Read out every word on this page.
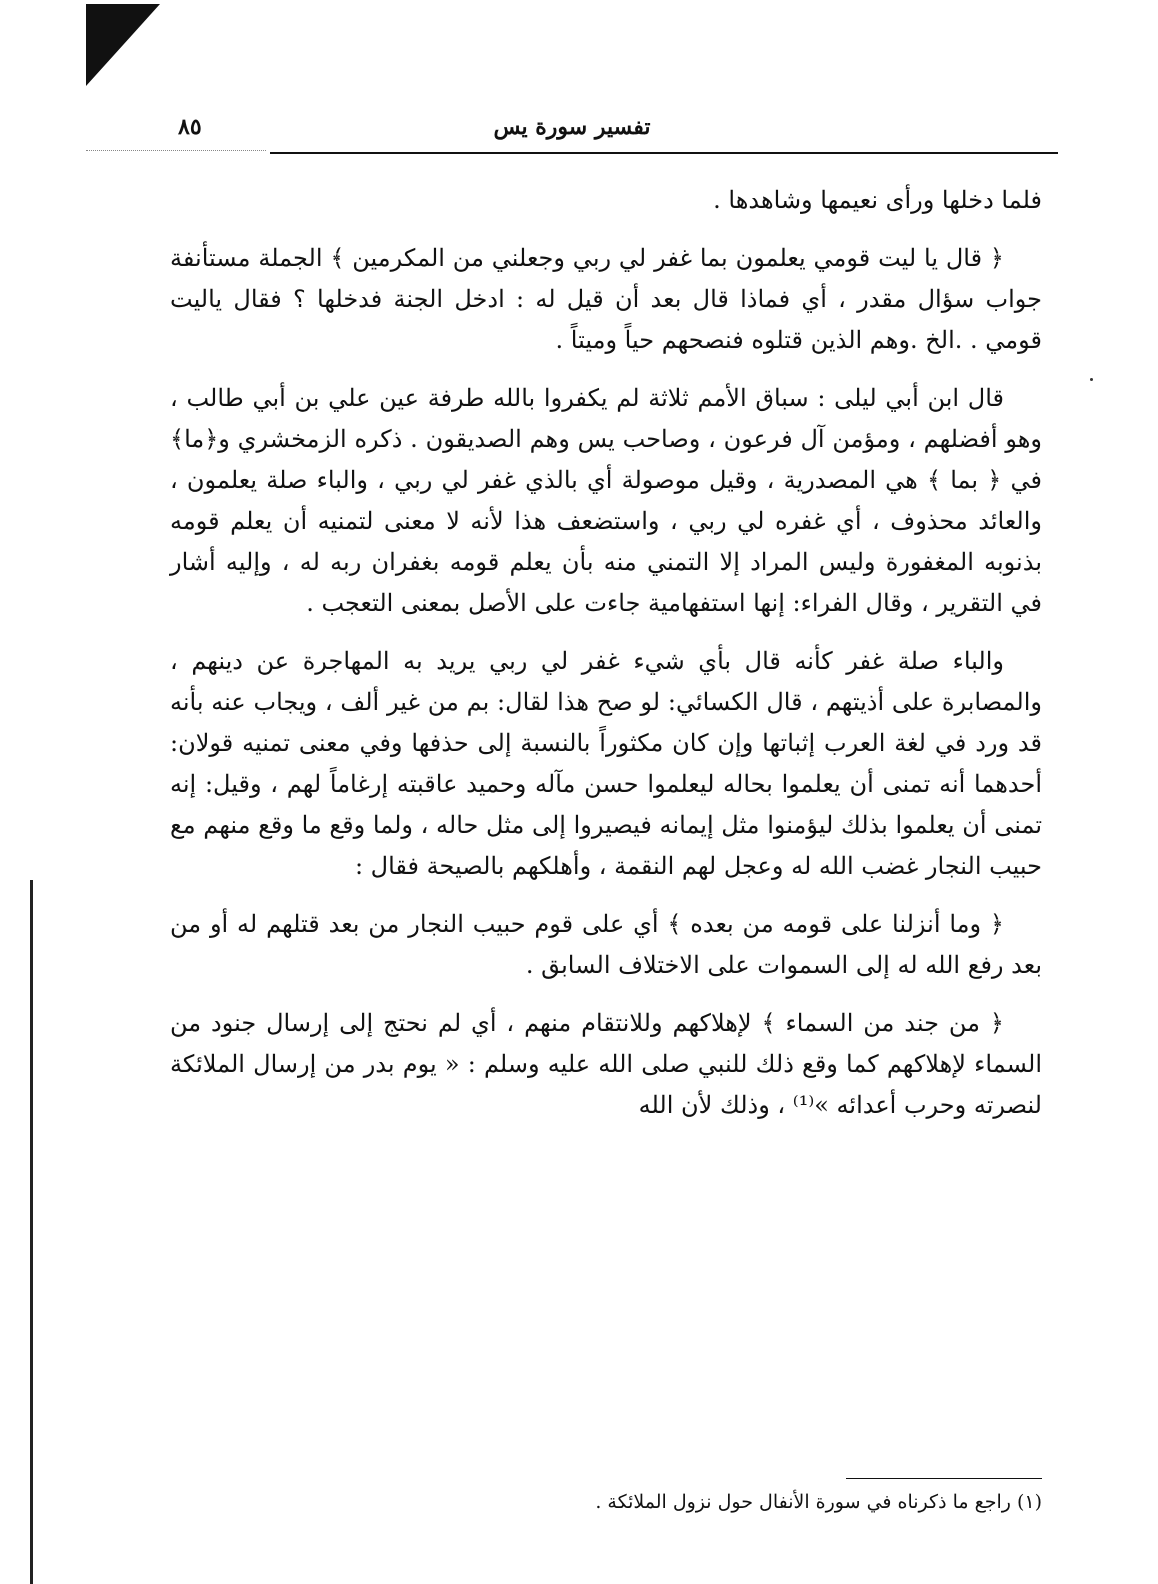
تفسير سورة يس
٨٥

فلما دخلها ورأى نعيمها وشاهدها .

﴿ قال يا ليت قومي يعلمون بما غفر لي ربي وجعلني من المكرمين ﴾ الجملة مستأنفة جواب سؤال مقدر ، أي فماذا قال بعد أن قيل له : ادخل الجنة فدخلها ؟ فقال ياليت قومي . .الخ .وهم الذين قتلوه فنصحهم حياً وميتاً .

قال ابن أبي ليلى : سباق الأمم ثلاثة لم يكفروا بالله طرفة عين علي بن أبي طالب ، وهو أفضلهم ، ومؤمن آل فرعون ، وصاحب يس وهم الصديقون . ذكره الزمخشري و﴿ما﴾ في ﴿ بما ﴾ هي المصدرية ، وقيل موصولة أي بالذي غفر لي ربي ، والباء صلة يعلمون ، والعائد محذوف ، أي غفره لي ربي ، واستضعف هذا لأنه لا معنى لتمنيه أن يعلم قومه بذنوبه المغفورة وليس المراد إلا التمني منه بأن يعلم قومه بغفران ربه له ، وإليه أشار في التقرير ، وقال الفراء: إنها استفهامية جاءت على الأصل بمعنى التعجب .

والباء صلة غفر كأنه قال بأي شيء غفر لي ربي يريد به المهاجرة عن دينهم ، والمصابرة على أذيتهم ، قال الكسائي: لو صح هذا لقال: بم من غير ألف ، ويجاب عنه بأنه قد ورد في لغة العرب إثباتها وإن كان مكثوراً بالنسبة إلى حذفها وفي معنى تمنيه قولان: أحدهما أنه تمنى أن يعلموا بحاله ليعلموا حسن مآله وحميد عاقبته إرغاماً لهم ، وقيل: إنه تمنى أن يعلموا بذلك ليؤمنوا مثل إيمانه فيصيروا إلى مثل حاله ، ولما وقع ما وقع منهم مع حبيب النجار غضب الله له وعجل لهم النقمة ، وأهلكهم بالصيحة فقال :

﴿ وما أنزلنا على قومه من بعده ﴾ أي على قوم حبيب النجار من بعد قتلهم له أو من بعد رفع الله له إلى السموات على الاختلاف السابق .

﴿ من جند من السماء ﴾ لإهلاكهم وللانتقام منهم ، أي لم نحتج إلى إرسال جنود من السماء لإهلاكهم كما وقع ذلك للنبي صلى الله عليه وسلم : « يوم بدر من إرسال الملائكة لنصرته وحرب أعدائه »⁽¹⁾ ، وذلك لأن الله

(١) راجع ما ذكرناه في سورة الأنفال حول نزول الملائكة .
